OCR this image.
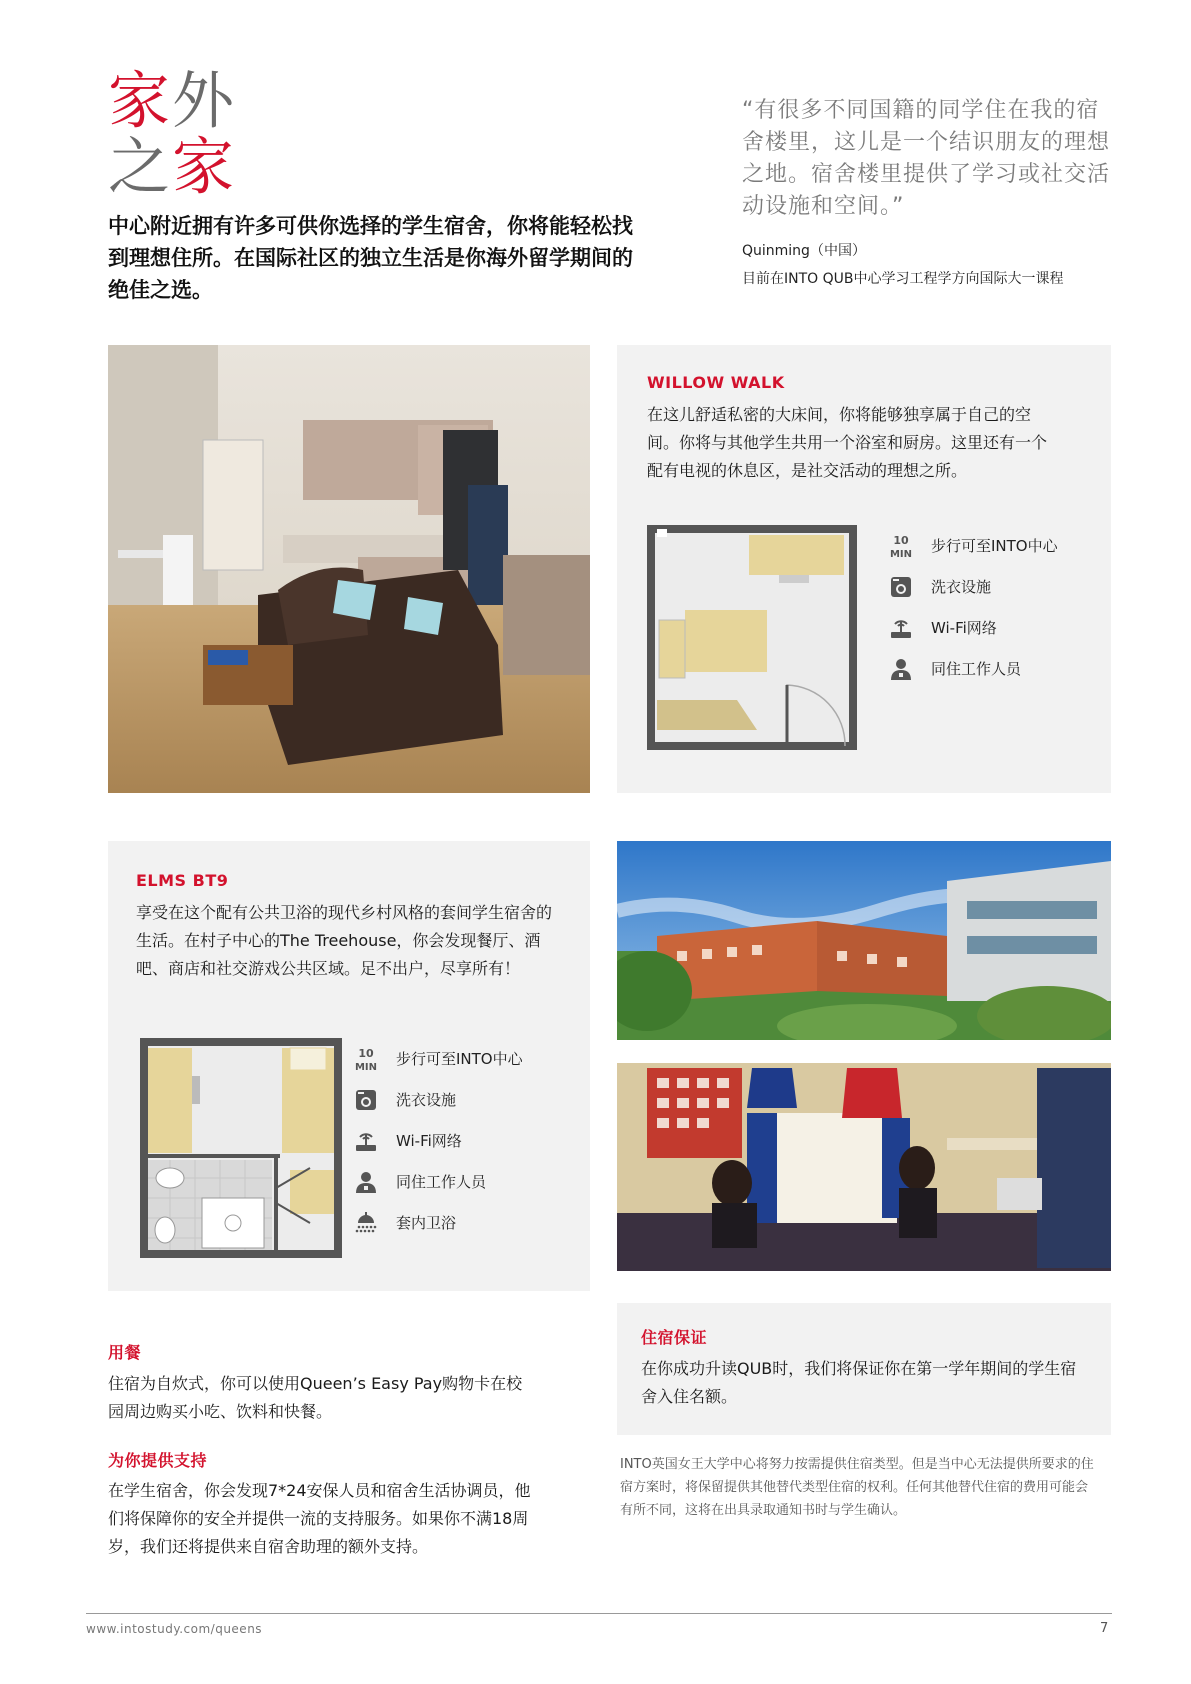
家外
之家
中心附近拥有许多可供你选择的学生宿舍，你将能轻松找到理想住所。在国际社区的独立生活是你海外留学期间的绝佳之选。
“有很多不同国籍的同学住在我的宿舍楼里，这儿是一个结识朋友的理想之地。宿舍楼里提供了学习或社交活动设施和空间。”
Quinming（中国）
目前在INTO QUB中心学习工程学方向国际大一课程
WILLOW WALK
在这儿舒适私密的大床间，你将能够独享属于自己的空间。你将与其他学生共用一个浴室和厨房。这里还有一个配有电视的休息区，是社交活动的理想之所。
10
MIN 步行可至INTO中心
洗衣设施
Wi-Fi网络
同住工作人员
ELMS BT9
享受在这个配有公共卫浴的现代乡村风格的套间学生宿舍的生活。在村子中心的The Treehouse，你会发现餐厅、酒吧、商店和社交游戏公共区域。足不出户，尽享所有！
10
MIN 步行可至INTO中心
洗衣设施
Wi-Fi网络
同住工作人员
套内卫浴
住宿保证
在你成功升读QUB时，我们将保证你在第一学年期间的学生宿舍入住名额。
INTO英国女王大学中心将努力按需提供住宿类型。但是当中心无法提供所要求的住宿方案时，将保留提供其他替代类型住宿的权利。任何其他替代住宿的费用可能会有所不同，这将在出具录取通知书时与学生确认。
用餐
住宿为自炊式，你可以使用Queen’s Easy Pay购物卡在校园周边购买小吃、饮料和快餐。
为你提供支持
在学生宿舍，你会发现7*24安保人员和宿舍生活协调员，他们将保障你的安全并提供一流的支持服务。如果你不满18周岁，我们还将提供来自宿舍助理的额外支持。
www.intostudy.com/queens	7
